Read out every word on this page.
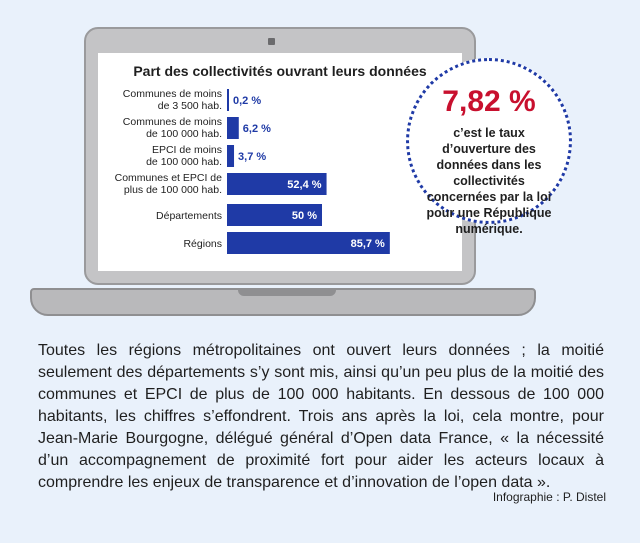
Part des collectivités ouvrant leurs données
0,2 %
Communes de moins de 3 500 hab.
6,2 %
Communes de moins de 100 000 hab.
3,7 %
EPCI de moins de 100 000 hab.
52,4 %
Communes et EPCI de plus de 100 000 hab.
50 %
Départements
85,7 %
Régions
7,82 %
c’est le taux d’ouverture des données dans les collectivités concernées par la loi pour une République numérique.
Toutes les régions métropolitaines ont ouvert leurs données ; la moitié seulement des départements s’y sont mis, ainsi qu’un peu plus de la moitié des communes et EPCI de plus de 100 000 habitants. En dessous de 100 000 habitants, les chiffres s’effondrent. Trois ans après la loi, cela montre, pour Jean-Marie Bourgogne, délégué général d’Open data France, « la nécessité d’un accompagnement de proximité fort pour aider les acteurs locaux à comprendre les enjeux de transparence et d’innovation de l’open data ».
Infographie : P. Distel
